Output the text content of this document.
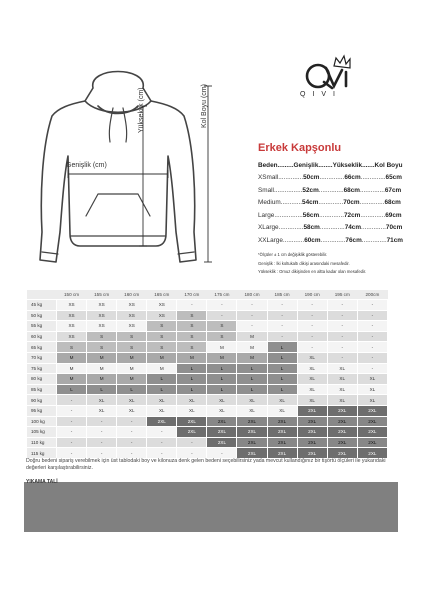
Yükseklik (cm)	Kol Boyu (cm)
Genişlik (cm)
QIVI
Erkek Kapşonlu
Beden.........Genişlik........Yükseklik.......Kol Boyu
XSmall..............50cm..............66cm..............65cm
Small................52cm..............68cm..............67cm
Medium............54cm..............70cm..............68cm
Large................56cm..............72cm..............69cm
XLarge..............58cm..............74cm..............70cm
XXLarge............60cm..............76cm..............71cm
*Ölçüler ± 1 cm değişiklik gösterebilir.
Genişlik : İki koltukaltı dikişi arasındaki mesafedir.
Yükseklik : Omuz dikişinden en altta kadar olan mesafedir.
	150 cm	155 cm	160 cm	165 cm	170 cm	175 cm	180 cm	185 cm	190 cm	195 cm	200cm
45 kg	XS	XS	XS	XS	-	-	-	-	-	-	-
50 kg	XS	XS	XS	XS	S	-	-	-	-	-	-
55 kg	XS	XS	XS	S	S	S	-	-	-	-	-
60 kg	XS	S	S	S	S	S	M	-	-	-	-
65 kg	S	S	S	S	S	M	M	L	-	-	-
70 kg	M	M	M	M	M	M	M	L	XL	-	-
75 kg	M	M	M	M	L	L	L	L	XL	XL	-
80 kg	M	M	M	L	L	L	L	L	XL	XL	XL
85 kg	L	L	L	L	L	L	L	L	XL	XL	XL
90 kg	-	XL	XL	XL	XL	XL	XL	XL	XL	XL	XL
95 kg	-	XL	XL	XL	XL	XL	XL	XL	2XL	2XL	2XL
100 kg	-	-	-	2XL	2XL	2XL	2XL	2XL	2XL	2XL	2XL
105 kg	-	-	-	-	2XL	2XL	2XL	2XL	2XL	2XL	2XL
110 kg	-	-	-	-	-	2XL	2XL	2XL	2XL	2XL	2XL
115 kg	-	-	-	-	-	-	2XL	2XL	2XL	2XL	2XL
Doğru bedeni sipariş verebilmek için üst tablodaki boy ve kilonuza denk gelen bedeni seçebilirsiniz yada mevcut kullandığınız bir tişörtü ölçüleri ile yukarıdaki değerleri karşılaştırabilirsiniz.
YIKAMA TALİ
